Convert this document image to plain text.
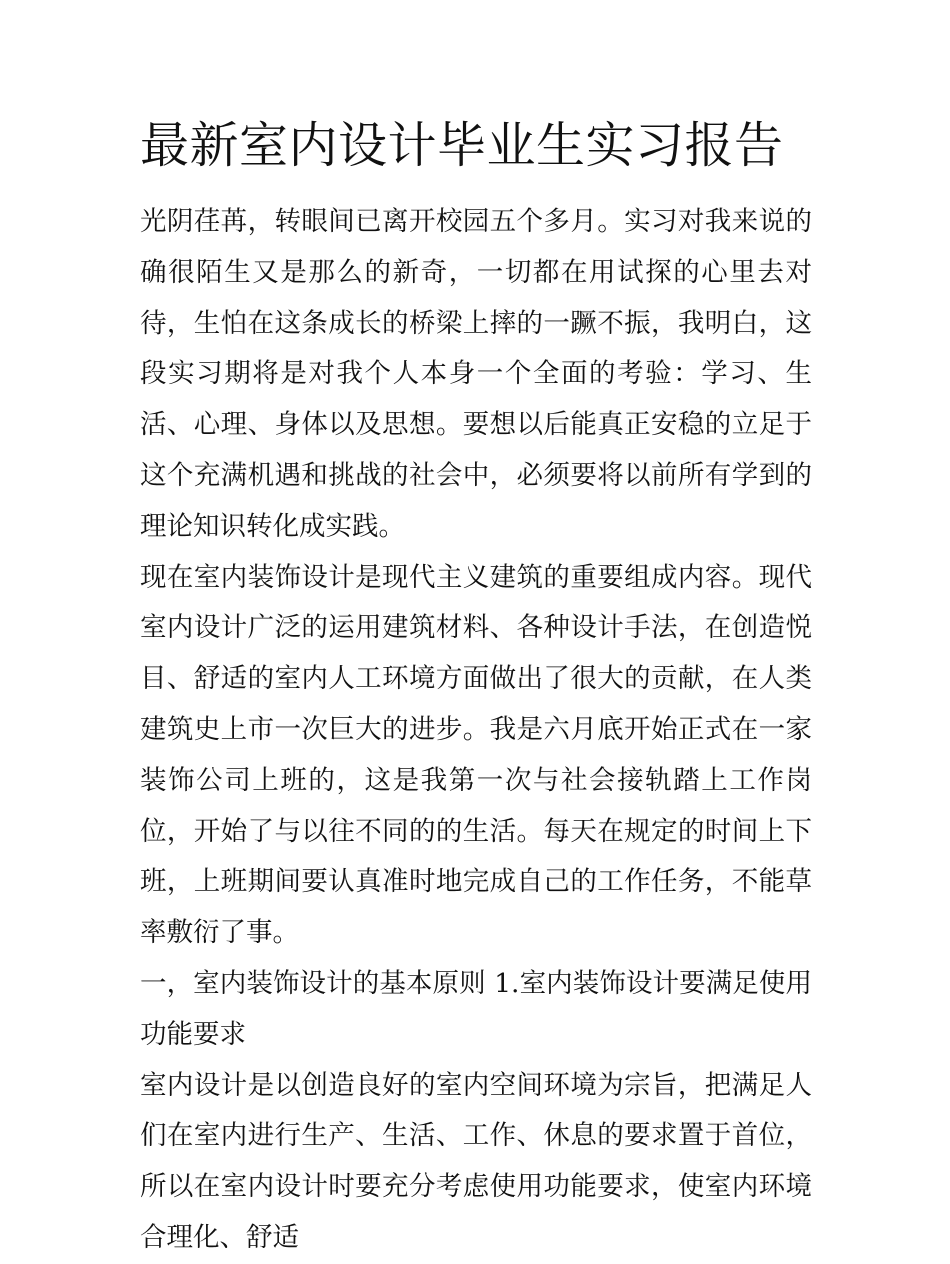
最新室内设计毕业生实习报告

光阴荏苒，转眼间已离开校园五个多月。实习对我来说的确很陌生又是那么的新奇，一切都在用试探的心里去对待，生怕在这条成长的桥梁上摔的一蹶不振，我明白，这段实习期将是对我个人本身一个全面的考验：学习、生活、心理、身体以及思想。要想以后能真正安稳的立足于这个充满机遇和挑战的社会中，必须要将以前所有学到的理论知识转化成实践。

现在室内装饰设计是现代主义建筑的重要组成内容。现代室内设计广泛的运用建筑材料、各种设计手法，在创造悦目、舒适的室内人工环境方面做出了很大的贡献，在人类建筑史上市一次巨大的进步。我是六月底开始正式在一家装饰公司上班的，这是我第一次与社会接轨踏上工作岗位，开始了与以往不同的的生活。每天在规定的时间上下班，上班期间要认真准时地完成自己的工作任务，不能草率敷衍了事。

一，室内装饰设计的基本原则 1.室内装饰设计要满足使用功能要求

室内设计是以创造良好的室内空间环境为宗旨，把满足人们在室内进行生产、生活、工作、休息的要求置于首位，所以在室内设计时要充分考虑使用功能要求，使室内环境合理化、舒适
